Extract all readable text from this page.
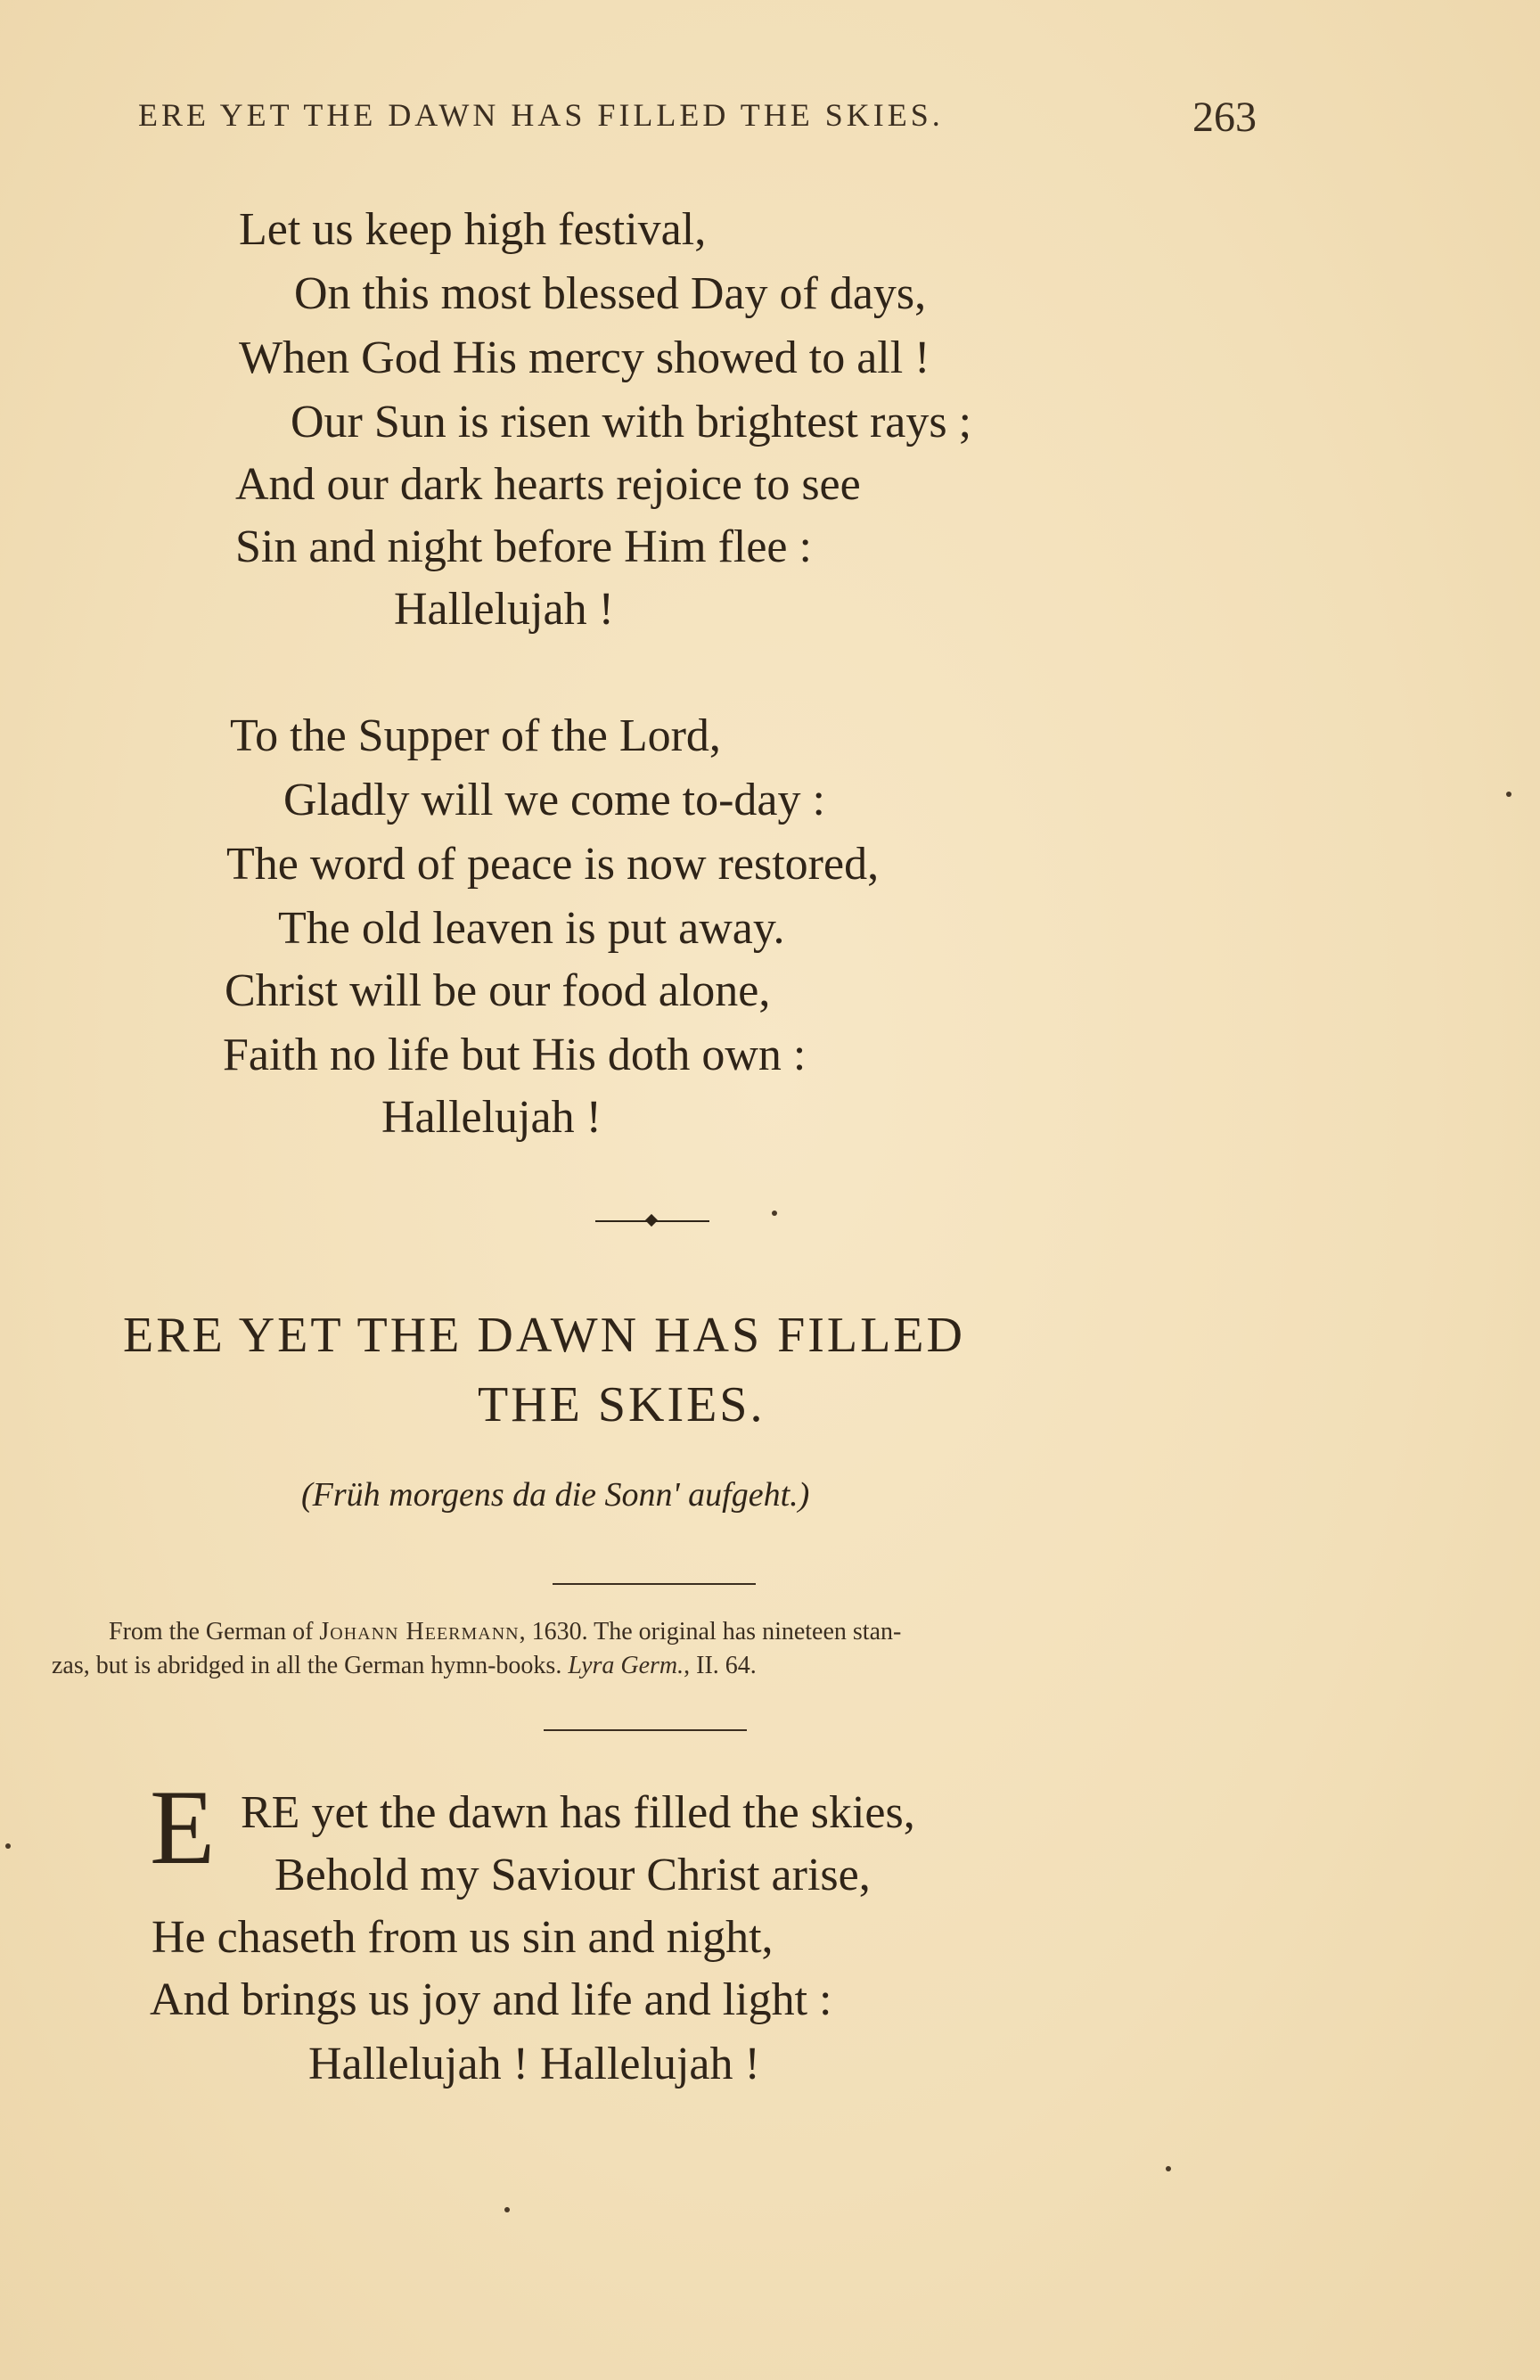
ERE YET THE DAWN HAS FILLED THE SKIES.	263
Let us keep high festival,
On this most blessed Day of days,
When God His mercy showed to all !
Our Sun is risen with brightest rays ;
And our dark hearts rejoice to see
Sin and night before Him flee :
Hallelujah !
To the Supper of the Lord,
Gladly will we come to-day :
The word of peace is now restored,
The old leaven is put away.
Christ will be our food alone,
Faith no life but His doth own :
Hallelujah !
ERE YET THE DAWN HAS FILLED
THE SKIES.
(Früh morgens da die Sonn' aufgeht.)
From the German of Johann Heermann, 1630. The original has nineteen stan-
zas, but is abridged in all the German hymn-books. Lyra Germ., II. 64.
E RE yet the dawn has filled the skies,
Behold my Saviour Christ arise,
He chaseth from us sin and night,
And brings us joy and life and light :
Hallelujah ! Hallelujah !
